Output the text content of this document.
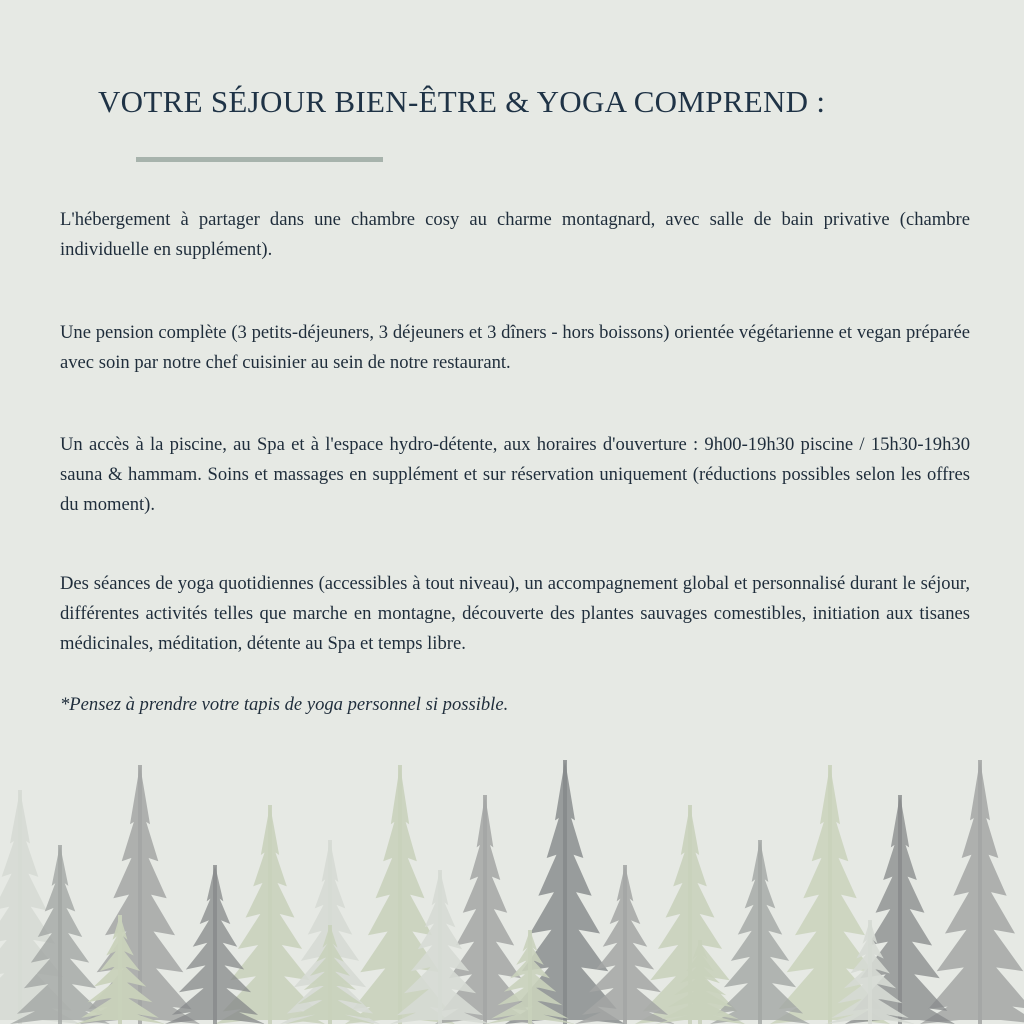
VOTRE SÉJOUR BIEN-ÊTRE & YOGA COMPREND :

L'hébergement à partager dans une chambre cosy au charme montagnard, avec salle de bain privative (chambre individuelle en supplément).

Une pension complète (3 petits-déjeuners, 3 déjeuners et 3 dîners - hors boissons) orientée végétarienne et vegan préparée avec soin par notre chef cuisinier au sein de notre restaurant.

Un accès à la piscine, au Spa et à l'espace hydro-détente, aux horaires d'ouverture : 9h00-19h30 piscine / 15h30-19h30 sauna & hammam. Soins et massages en supplément et sur réservation uniquement (réductions possibles selon les offres du moment).

Des séances de yoga quotidiennes (accessibles à tout niveau), un accompagnement global et personnalisé durant le séjour, différentes activités telles que marche en montagne, découverte des plantes sauvages comestibles, initiation aux tisanes médicinales, méditation, détente au Spa et temps libre.

*Pensez à prendre votre tapis de yoga personnel si possible.
